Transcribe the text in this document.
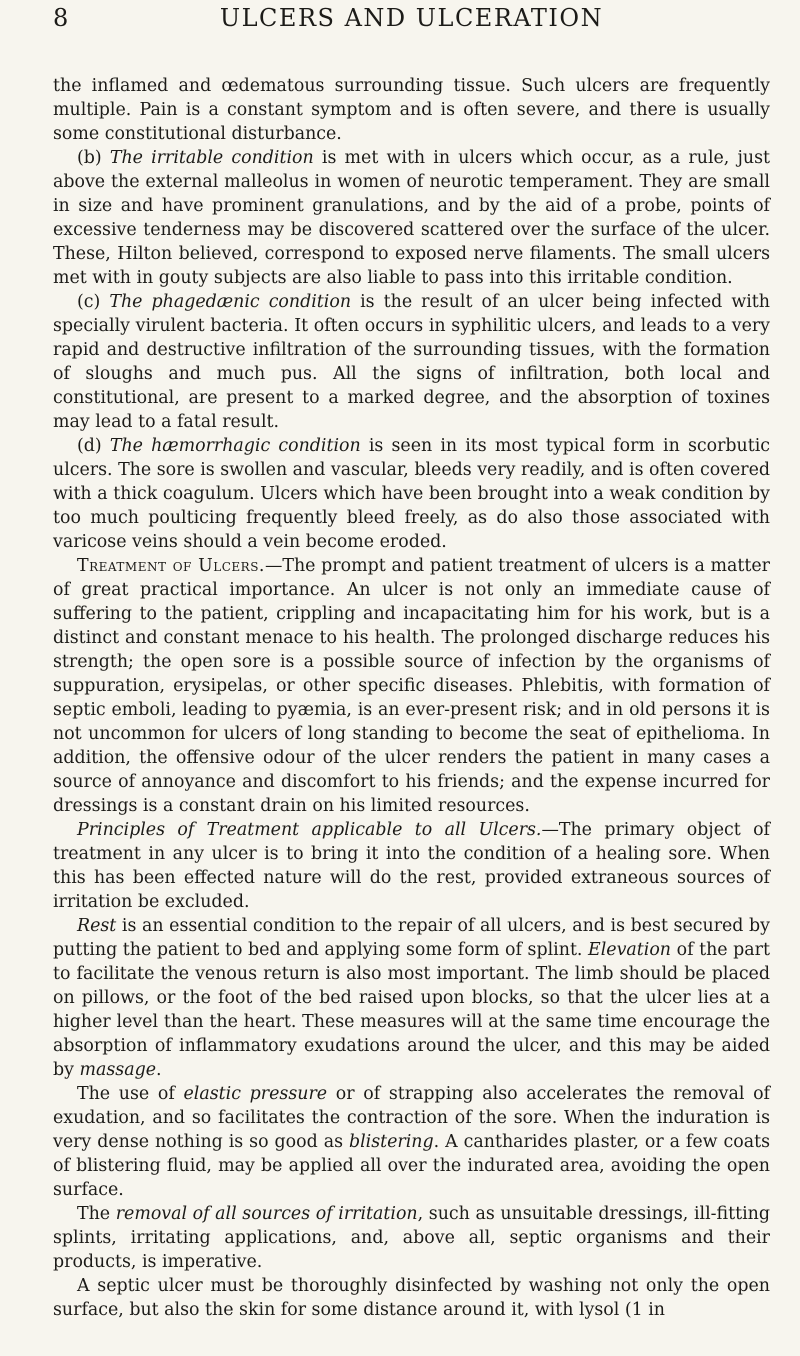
8	ULCERS AND ULCERATION

the inflamed and œdematous surrounding tissue. Such ulcers are frequently multiple. Pain is a constant symptom and is often severe, and there is usually some constitutional disturbance.

(b) The irritable condition is met with in ulcers which occur, as a rule, just above the external malleolus in women of neurotic temperament. They are small in size and have prominent granulations, and by the aid of a probe, points of excessive tenderness may be discovered scattered over the surface of the ulcer. These, Hilton believed, correspond to exposed nerve filaments. The small ulcers met with in gouty subjects are also liable to pass into this irritable condition.

(c) The phagedænic condition is the result of an ulcer being infected with specially virulent bacteria. It often occurs in syphilitic ulcers, and leads to a very rapid and destructive infiltration of the surrounding tissues, with the formation of sloughs and much pus. All the signs of infiltration, both local and constitutional, are present to a marked degree, and the absorption of toxines may lead to a fatal result.

(d) The hæmorrhagic condition is seen in its most typical form in scorbutic ulcers. The sore is swollen and vascular, bleeds very readily, and is often covered with a thick coagulum. Ulcers which have been brought into a weak condition by too much poulticing frequently bleed freely, as do also those associated with varicose veins should a vein become eroded.

Treatment of Ulcers.—The prompt and patient treatment of ulcers is a matter of great practical importance. An ulcer is not only an immediate cause of suffering to the patient, crippling and incapacitating him for his work, but is a distinct and constant menace to his health. The prolonged discharge reduces his strength; the open sore is a possible source of infection by the organisms of suppuration, erysipelas, or other specific diseases. Phlebitis, with formation of septic emboli, leading to pyæmia, is an ever-present risk; and in old persons it is not uncommon for ulcers of long standing to become the seat of epithelioma. In addition, the offensive odour of the ulcer renders the patient in many cases a source of annoyance and discomfort to his friends; and the expense incurred for dressings is a constant drain on his limited resources.

Principles of Treatment applicable to all Ulcers.—The primary object of treatment in any ulcer is to bring it into the condition of a healing sore. When this has been effected nature will do the rest, provided extraneous sources of irritation be excluded.

Rest is an essential condition to the repair of all ulcers, and is best secured by putting the patient to bed and applying some form of splint. Elevation of the part to facilitate the venous return is also most important. The limb should be placed on pillows, or the foot of the bed raised upon blocks, so that the ulcer lies at a higher level than the heart. These measures will at the same time encourage the absorption of inflammatory exudations around the ulcer, and this may be aided by massage.

The use of elastic pressure or of strapping also accelerates the removal of exudation, and so facilitates the contraction of the sore. When the induration is very dense nothing is so good as blistering. A cantharides plaster, or a few coats of blistering fluid, may be applied all over the indurated area, avoiding the open surface.

The removal of all sources of irritation, such as unsuitable dressings, ill-fitting splints, irritating applications, and, above all, septic organisms and their products, is imperative.

A septic ulcer must be thoroughly disinfected by washing not only the open surface, but also the skin for some distance around it, with lysol (1 in
